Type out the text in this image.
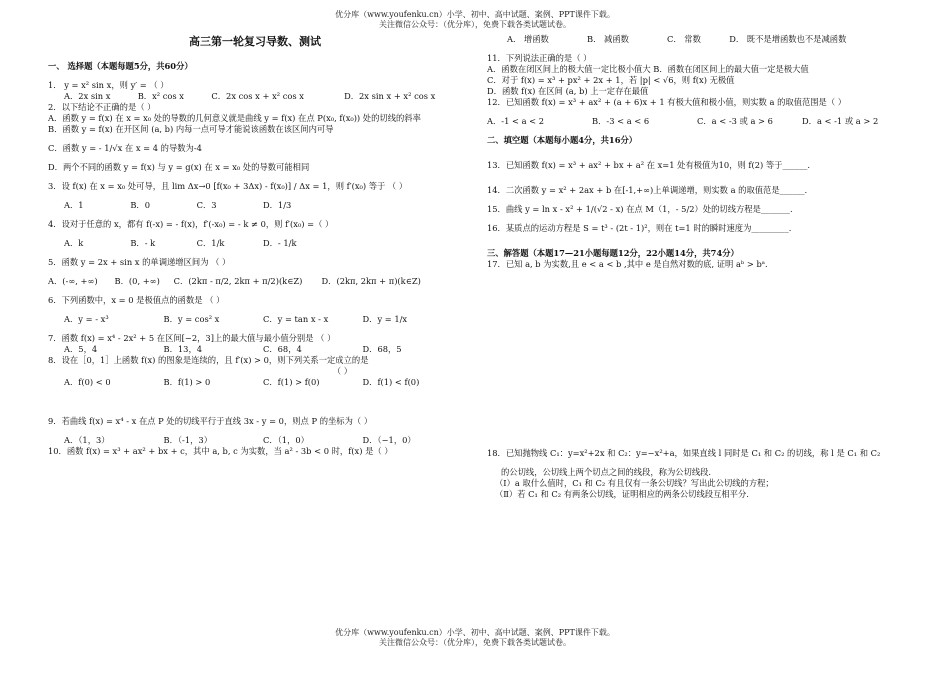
优分库（www.youfenku.cn）小学、初中、高中试题、案例、PPT课件下载。
关注微信公众号：（优分库），免费下载各类试题试卷。
高三第一轮复习导数、测试
一、 选择题（本题每题5分，共60分）
1． y = x² sin x，则 y′ = （ ）
A．2x sin x	B．x² cos x	C．2x cos x + x² cos x	D．2x sin x + x² cos x
2．以下结论不正确的是（ ）
A．函数 y = f(x) 在 x = x₀ 处的导数的几何意义就是曲线 y = f(x) 在点 P(x₀, f(x₀)) 处的切线的斜率
B．函数 y = f(x) 在开区间 (a, b) 内每一点可导才能说该函数在该区间内可导
C．函数 y = - 1/√x 在 x = 4 的导数为-4
D．两个不同的函数 y = f(x) 与 y = g(x) 在 x = x₀ 处的导数可能相同
3．设 f(x) 在 x = x₀ 处可导，且 lim Δx→0 [f(x₀ + 3Δx) - f(x₀)] / Δx = 1，则 f′(x₀) 等于 （ ）
A．1	B．0	C．3	D．1/3
4．设对于任意的 x，都有 f(-x) = - f(x)，f′(-x₀) = - k ≠ 0，则 f′(x₀) =（ ）
A．k	B．- k	C．1/k	D．- 1/k
5．函数 y = 2x + sin x 的单调递增区间为 （ ）
A．(-∞, +∞)	B．(0, +∞)	C．(2kπ - π/2, 2kπ + π/2)(k∈Z)	D．(2kπ, 2kπ + π)(k∈Z)
6．下列函数中，x = 0 是极值点的函数是 （ ）
A．y = - x³	B．y = cos² x	C．y = tan x - x	D．y = 1/x
7．函数 f(x) = x⁴ - 2x² + 5 在区间[−2，3]上的最大值与最小值分别是 （ ）
A．5，4	B．13，4	C．68，4	D．68，5
8．设在［0，1］上函数 f(x) 的图象是连续的，且 f′(x) > 0，则下列关系一定成立的是
（ ）
A．f(0) < 0	B．f(1) > 0	C．f(1) > f(0)	D．f(1) < f(0)
9．若曲线 f(x) = x⁴ - x 在点 P 处的切线平行于直线 3x - y = 0，则点 P 的坐标为（ ）
A．（1，3）	B．（-1，3）	C．（1，0）	D．（−1，0）
10．函数 f(x) = x³ + ax² + bx + c，其中 a, b, c 为实数，当 a² - 3b < 0 时，f(x) 是（ ）
A． 增函数	B． 减函数	C． 常数	D． 既不是增函数也不是减函数
11．下列说法正确的是（ ）
A．函数在闭区间上的极大值一定比极小值大 B．函数在闭区间上的最大值一定是极大值
C．对于 f(x) = x³ + px² + 2x + 1，若 |p| < √6，则 f(x) 无极值
D．函数 f(x) 在区间 (a, b) 上一定存在最值
12．已知函数 f(x) = x³ + ax² + (a + 6)x + 1 有极大值和极小值，则实数 a 的取值范围是（ ）
A．-1 < a < 2	B．-3 < a < 6	C．a < -3 或 a > 6	D．a < -1 或 a > 2
二、填空题（本题每小题4分，共16分）
13．已知函数 f(x) = x³ + ax² + bx + a² 在 x=1 处有极值为10，则 f(2) 等于______.
14．二次函数 y = x² + 2ax + b 在[-1,+∞)上单调递增，则实数 a 的取值范是______.
15．曲线 y = ln x - x² + 1/(√2 - x) 在点 M（1，- 5/2）处的切线方程是_______.
16．某质点的运动方程是 S = t³ - (2t - 1)²，则在 t=1 时的瞬时速度为_________.
三、解答题（本题17—21小题每题12分，22小题14分，共74分）
17．已知 a, b 为实数,且 e < a < b ,其中 e 是自然对数的底, 证明 aᵇ > bᵃ.
18．已知抛物线 C₁：y=x²+2x 和 C₂：y=−x²+a，如果直线 l 同时是 C₁ 和 C₂ 的切线，称 l 是 C₁ 和 C₂
的公切线，公切线上两个切点之间的线段，称为公切线段.
（Ⅰ）a 取什么值时，C₁ 和 C₂ 有且仅有一条公切线？写出此公切线的方程；
（Ⅱ）若 C₁ 和 C₂ 有两条公切线，证明相应的两条公切线段互相平分.
优分库（www.youfenku.cn）小学、初中、高中试题、案例、PPT课件下载。
关注微信公众号：（优分库），免费下载各类试题试卷。
